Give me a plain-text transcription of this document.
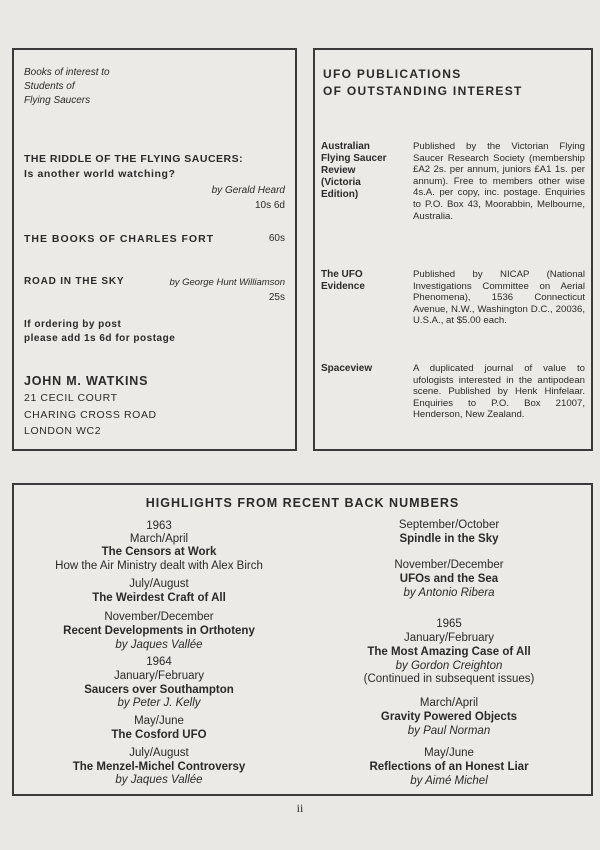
Books of interest to
Students of
Flying Saucers
THE RIDDLE OF THE FLYING SAUCERS:
Is another world watching?
by Gerald Heard
10s 6d
THE BOOKS OF CHARLES FORT	60s
ROAD IN THE SKY	by George Hunt Williamson
25s
If ordering by post
please add 1s 6d for postage
JOHN M. WATKINS
21 CECIL COURT
CHARING CROSS ROAD
LONDON WC2
UFO PUBLICATIONS
OF OUTSTANDING INTEREST
Australian
Flying Saucer
Review
(Victoria
Edition)
Published by the Victorian Flying Saucer Research Society (membership £A2 2s. per annum, juniors £A1 1s. per annum). Free to members other wise 4s.A. per copy, inc. postage. Enquiries to P.O. Box 43, Moorabbin, Melbourne, Australia.
The UFO
Evidence
Published by NICAP (National Investigations Committee on Aerial Phenomena), 1536 Connecticut Avenue, N.W., Washington D.C., 20036, U.S.A., at $5.00 each.
Spaceview	A duplicated journal of value to ufologists interested in the antipodean scene. Published by Henk Hinfelaar. Enquiries to P.O. Box 21007, Henderson, New Zealand.
HIGHLIGHTS FROM RECENT BACK NUMBERS
1963
March/April
The Censors at Work
How the Air Ministry dealt with Alex Birch
July/August
The Weirdest Craft of All
November/December
Recent Developments in Orthoteny
by Jaques Vallée
1964
January/February
Saucers over Southampton
by Peter J. Kelly
May/June
The Cosford UFO
July/August
The Menzel-Michel Controversy
by Jaques Vallée
September/October
Spindle in the Sky
November/December
UFOs and the Sea
by Antonio Ribera
1965
January/February
The Most Amazing Case of All
by Gordon Creighton
(Continued in subsequent issues)
March/April
Gravity Powered Objects
by Paul Norman
May/June
Reflections of an Honest Liar
by Aimé Michel
ii
